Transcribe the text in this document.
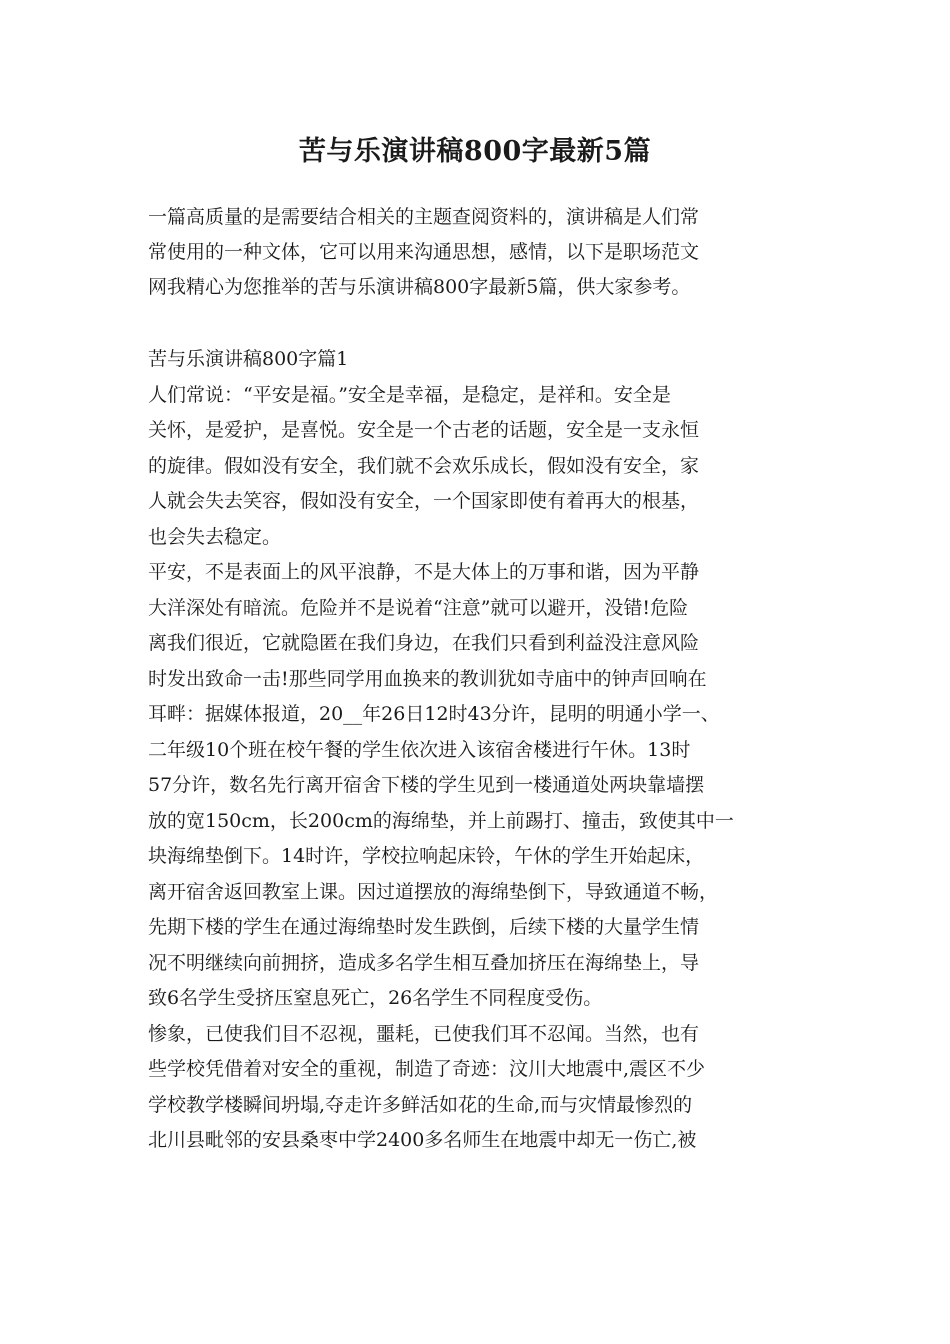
苦与乐演讲稿800字最新5篇
一篇高质量的是需要结合相关的主题查阅资料的，演讲稿是人们常
常使用的一种文体，它可以用来沟通思想，感情，以下是职场范文
网我精心为您推举的苦与乐演讲稿800字最新5篇，供大家参考。
苦与乐演讲稿800字篇1
人们常说：“平安是福。”安全是幸福，是稳定，是祥和。安全是
关怀，是爱护，是喜悦。安全是一个古老的话题，安全是一支永恒
的旋律。假如没有安全，我们就不会欢乐成长，假如没有安全，家
人就会失去笑容，假如没有安全，一个国家即使有着再大的根基，
也会失去稳定。
平安，不是表面上的风平浪静，不是大体上的万事和谐，因为平静
大洋深处有暗流。危险并不是说着“注意”就可以避开，没错!危险
离我们很近，它就隐匿在我们身边，在我们只看到利益没注意风险
时发出致命一击!那些同学用血换来的教训犹如寺庙中的钟声回响在
耳畔：据媒体报道，20__年26日12时43分许，昆明的明通小学一、
二年级10个班在校午餐的学生依次进入该宿舍楼进行午休。13时
57分许，数名先行离开宿舍下楼的学生见到一楼通道处两块靠墙摆
放的宽150cm，长200cm的海绵垫，并上前踢打、撞击，致使其中一
块海绵垫倒下。14时许，学校拉响起床铃，午休的学生开始起床，
离开宿舍返回教室上课。因过道摆放的海绵垫倒下，导致通道不畅，
先期下楼的学生在通过海绵垫时发生跌倒，后续下楼的大量学生情
况不明继续向前拥挤，造成多名学生相互叠加挤压在海绵垫上，导
致6名学生受挤压窒息死亡，26名学生不同程度受伤。
惨象，已使我们目不忍视，噩耗，已使我们耳不忍闻。当然，也有
些学校凭借着对安全的重视，制造了奇迹：汶川大地震中,震区不少
学校教学楼瞬间坍塌,夺走许多鲜活如花的生命,而与灾情最惨烈的
北川县毗邻的安县桑枣中学2400多名师生在地震中却无一伤亡,被
